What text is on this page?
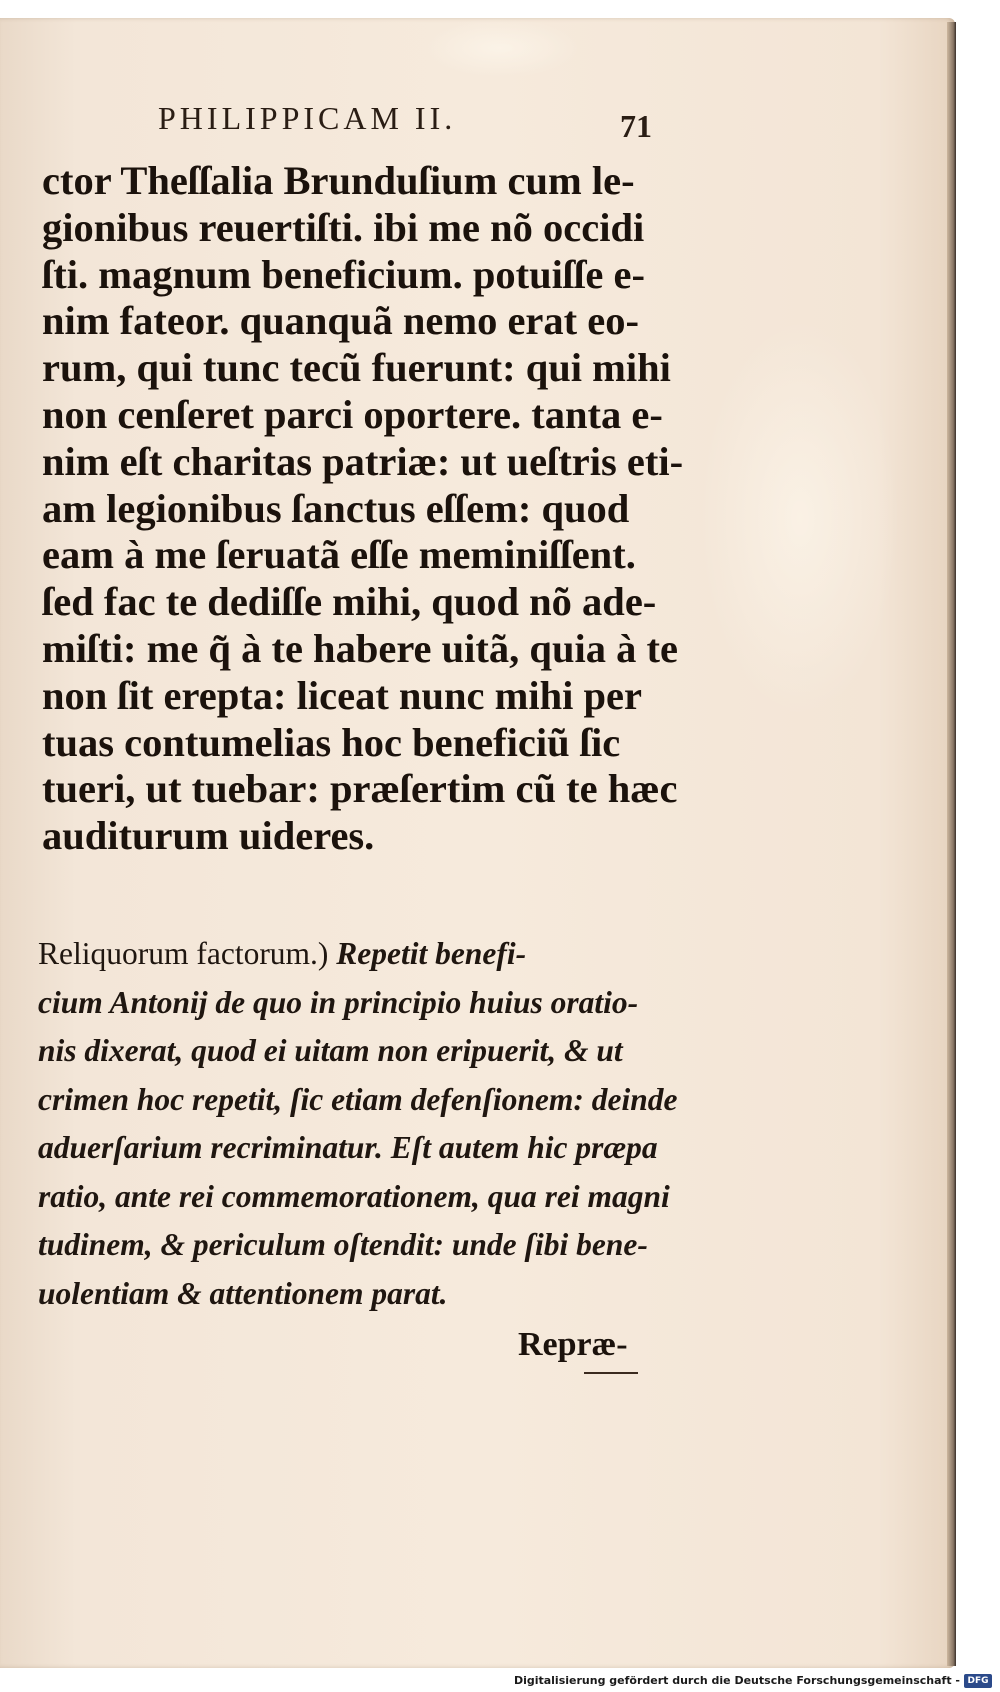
PHILIPPICAM II.	71
ctor Theſſalia Brunduſium cum le-
gionibus reuertiſti. ibi me nõ occidi
ſti. magnum beneficium. potuiſſe e-
nim fateor. quanquã nemo erat eo-
rum, qui tunc tecũ fuerunt: qui mihi
non cenſeret parci oportere. tanta e-
nim eſt charitas patriæ: ut ueſtris eti-
am legionibus ſanctus eſſem: quod
eam à me ſeruatã eſſe meminiſſent.
ſed fac te dediſſe mihi, quod nõ ade-
miſti: me q̃ à te habere uitã, quia à te
non ſit erepta: liceat nunc mihi per
tuas contumelias hoc beneficiũ ſic
tueri, ut tuebar: præſertim cũ te hæc
auditurum uideres.
Reliquorum factorum.) Repetit benefi-
cium Antonij de quo in principio huius oratio-
nis dixerat, quod ei uitam non eripuerit, & ut
crimen hoc repetit, ſic etiam defenſionem: deinde
aduerſarium recriminatur. Eſt autem hic præpa
ratio, ante rei commemorationem, qua rei magni
tudinem, & periculum oſtendit: unde ſibi bene-
uolentiam & attentionem parat.
Repræ-
Digitalisierung gefördert durch die Deutsche Forschungsgemeinschaft - DFG
